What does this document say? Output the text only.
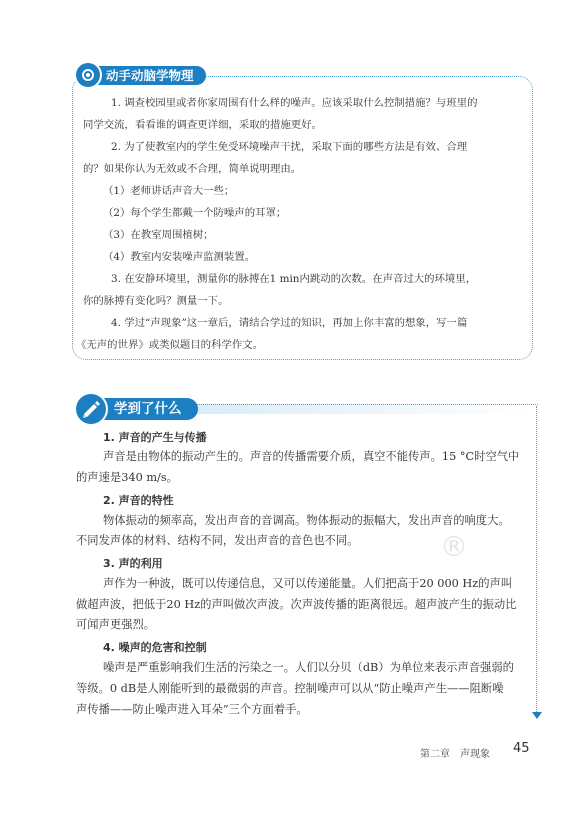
动手动脑学物理
1. 调查校园里或者你家周围有什么样的噪声。应该采取什么控制措施？与班里的
同学交流，看看谁的调查更详细，采取的措施更好。
2. 为了使教室内的学生免受环境噪声干扰，采取下面的哪些方法是有效、合理
的？如果你认为无效或不合理，简单说明理由。
（1）老师讲话声音大一些；
（2）每个学生都戴一个防噪声的耳罩；
（3）在教室周围植树；
（4）教室内安装噪声监测装置。
3. 在安静环境里，测量你的脉搏在1 min内跳动的次数。在声音过大的环境里，
你的脉搏有变化吗？测量一下。
4. 学过“声现象”这一章后，请结合学过的知识，再加上你丰富的想象，写一篇
《无声的世界》或类似题目的科学作文。
学到了什么
®
1. 声音的产生与传播
声音是由物体的振动产生的。声音的传播需要介质，真空不能传声。15 °C时空气中
的声速是340 m/s。
2. 声音的特性
物体振动的频率高，发出声音的音调高。物体振动的振幅大，发出声音的响度大。
不同发声体的材料、结构不同，发出声音的音色也不同。
3. 声的利用
声作为一种波，既可以传递信息，又可以传递能量。人们把高于20 000 Hz的声叫
做超声波，把低于20 Hz的声叫做次声波。次声波传播的距离很远。超声波产生的振动比
可闻声更强烈。
4. 噪声的危害和控制
噪声是严重影响我们生活的污染之一。人们以分贝（dB）为单位来表示声音强弱的
等级。0 dB是人刚能听到的最微弱的声音。控制噪声可以从“防止噪声产生——阻断噪
声传播——防止噪声进入耳朵”三个方面着手。
第二章　声现象 45
